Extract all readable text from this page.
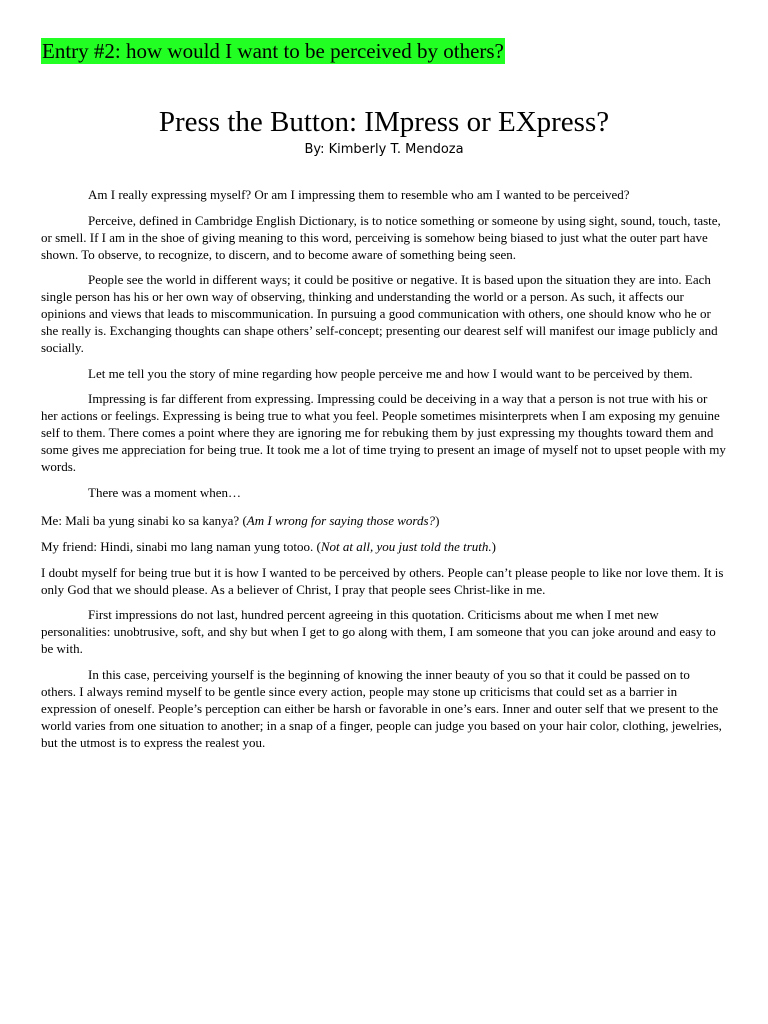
Entry #2: how would I want to be perceived by others?
Press the Button: IMpress or EXpress?
By: Kimberly T. Mendoza

Am I really expressing myself? Or am I impressing them to resemble who am I wanted to be perceived?

Perceive, defined in Cambridge English Dictionary, is to notice something or someone by using sight, sound, touch, taste, or smell. If I am in the shoe of giving meaning to this word, perceiving is somehow being biased to just what the outer part have shown. To observe, to recognize, to discern, and to become aware of something being seen.

People see the world in different ways; it could be positive or negative. It is based upon the situation they are into. Each single person has his or her own way of observing, thinking and understanding the world or a person. As such, it affects our opinions and views that leads to miscommunication. In pursuing a good communication with others, one should know who he or she really is. Exchanging thoughts can shape others’ self-concept; presenting our dearest self will manifest our image publicly and socially.

Let me tell you the story of mine regarding how people perceive me and how I would want to be perceived by them.

Impressing is far different from expressing. Impressing could be deceiving in a way that a person is not true with his or her actions or feelings. Expressing is being true to what you feel. People sometimes misinterprets when I am exposing my genuine self to them. There comes a point where they are ignoring me for rebuking them by just expressing my thoughts toward them and some gives me appreciation for being true. It took me a lot of time trying to present an image of myself not to upset people with my words.

There was a moment when…

Me: Mali ba yung sinabi ko sa kanya? (Am I wrong for saying those words?)

My friend: Hindi, sinabi mo lang naman yung totoo. (Not at all, you just told the truth.)

I doubt myself for being true but it is how I wanted to be perceived by others. People can’t please people to like nor love them. It is only God that we should please. As a believer of Christ, I pray that people sees Christ-like in me.

First impressions do not last, hundred percent agreeing in this quotation. Criticisms about me when I met new personalities: unobtrusive, soft, and shy but when I get to go along with them, I am someone that you can joke around and easy to be with.

In this case, perceiving yourself is the beginning of knowing the inner beauty of you so that it could be passed on to others. I always remind myself to be gentle since every action, people may stone up criticisms that could set as a barrier in expression of oneself. People’s perception can either be harsh or favorable in one’s ears. Inner and outer self that we present to the world varies from one situation to another; in a snap of a finger, people can judge you based on your hair color, clothing, jewelries, but the utmost is to express the realest you.
